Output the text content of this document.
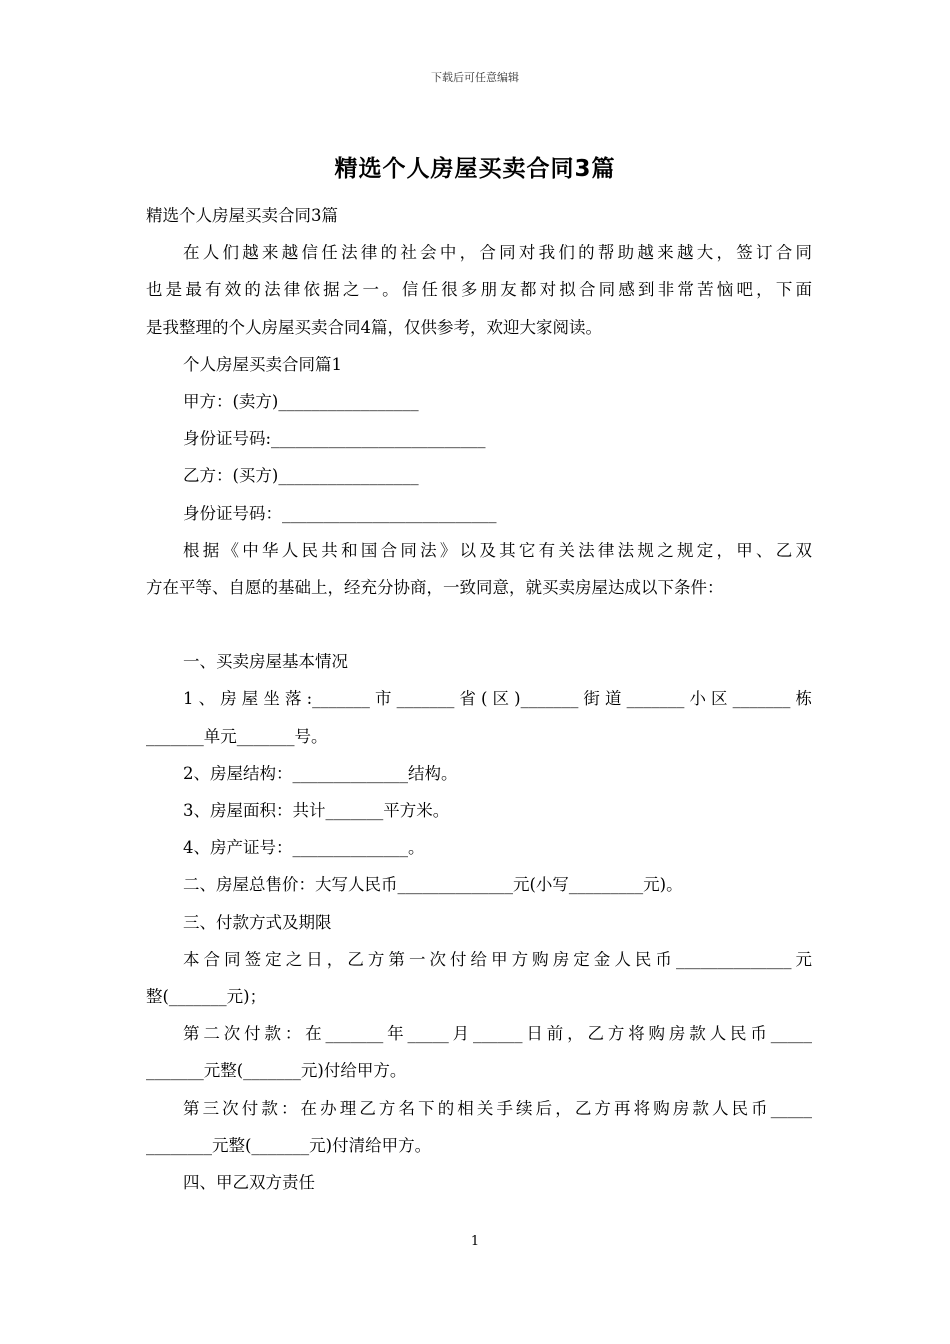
下载后可任意编辑
精选个人房屋买卖合同3篇
精选个人房屋买卖合同3篇
在人们越来越信任法律的社会中，合同对我们的帮助越来越大，签订合同
也是最有效的法律依据之一。信任很多朋友都对拟合同感到非常苦恼吧，下面
是我整理的个人房屋买卖合同4篇，仅供参考，欢迎大家阅读。
个人房屋买卖合同篇1
甲方：(卖方)_________________
身份证号码:__________________________
乙方：(买方)_________________
身份证号码：__________________________
根据《中华人民共和国合同法》以及其它有关法律法规之规定，甲、乙双
方在平等、自愿的基础上，经充分协商，一致同意，就买卖房屋达成以下条件：
一、买卖房屋基本情况
1、房屋坐落:_______市_______省(区)_______街道_______小区_______栋
_______单元_______号。
2、房屋结构：______________结构。
3、房屋面积：共计_______平方米。
4、房产证号：______________。
二、房屋总售价：大写人民币______________元(小写_________元)。
三、付款方式及期限
本合同签定之日，乙方第一次付给甲方购房定金人民币______________元
整(_______元)；
第二次付款：在_______年_____月______日前，乙方将购房款人民币_____
_______元整(_______元)付给甲方。
第三次付款：在办理乙方名下的相关手续后，乙方再将购房款人民币_____
________元整(_______元)付清给甲方。
四、甲乙双方责任
1
